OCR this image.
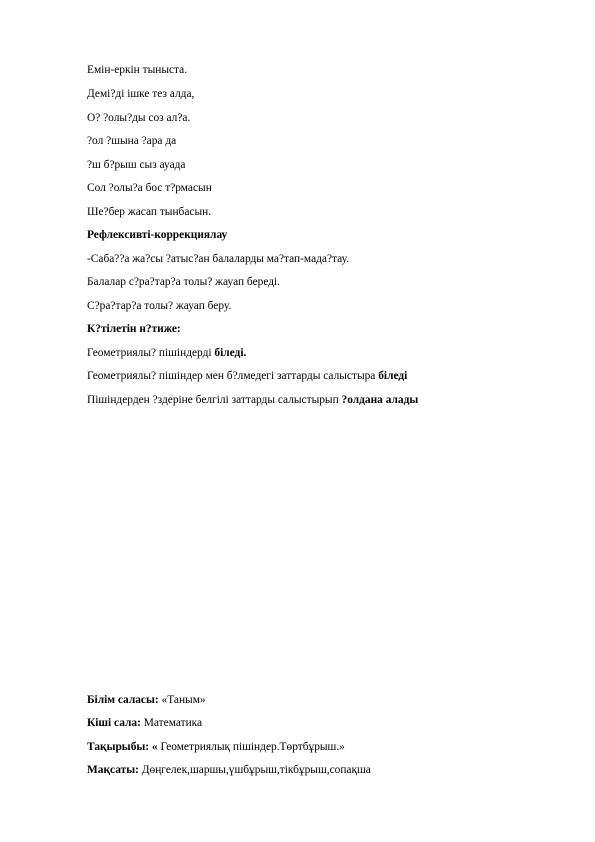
Емін-еркін тыныста.
Демі?ді ішке тез алда,
О? ?олы?ды соз ал?а.
?ол ?шына ?ара да
?ш б?рыш сыз ауада
Сол ?олы?а бос т?рмасын
Ше?бер жасап тынбасын.
Рефлексивті-коррекциялау
-Саба??а жа?сы ?атыс?ан балаларды ма?тап-мада?тау.
Балалар с?ра?тар?а толы? жауап береді.
С?ра?тар?а толы? жауап беру.
К?тілетін н?тиже:
Геометриялы? пішіндерді біледі.
Геометриялы? пішіндер мен б?лмедегі заттарды салыстыра біледі
Пішіндерден ?здеріне белгілі заттарды салыстырып ?олдана алады
Білім саласы: «Таным»
Кіші сала: Математика
Тақырыбы: « Геометриялық пішіндер.Төртбұрыш.»
Мақсаты: Дөңгелек,шаршы,үшбұрыш,тікбұрыш,сопақша
